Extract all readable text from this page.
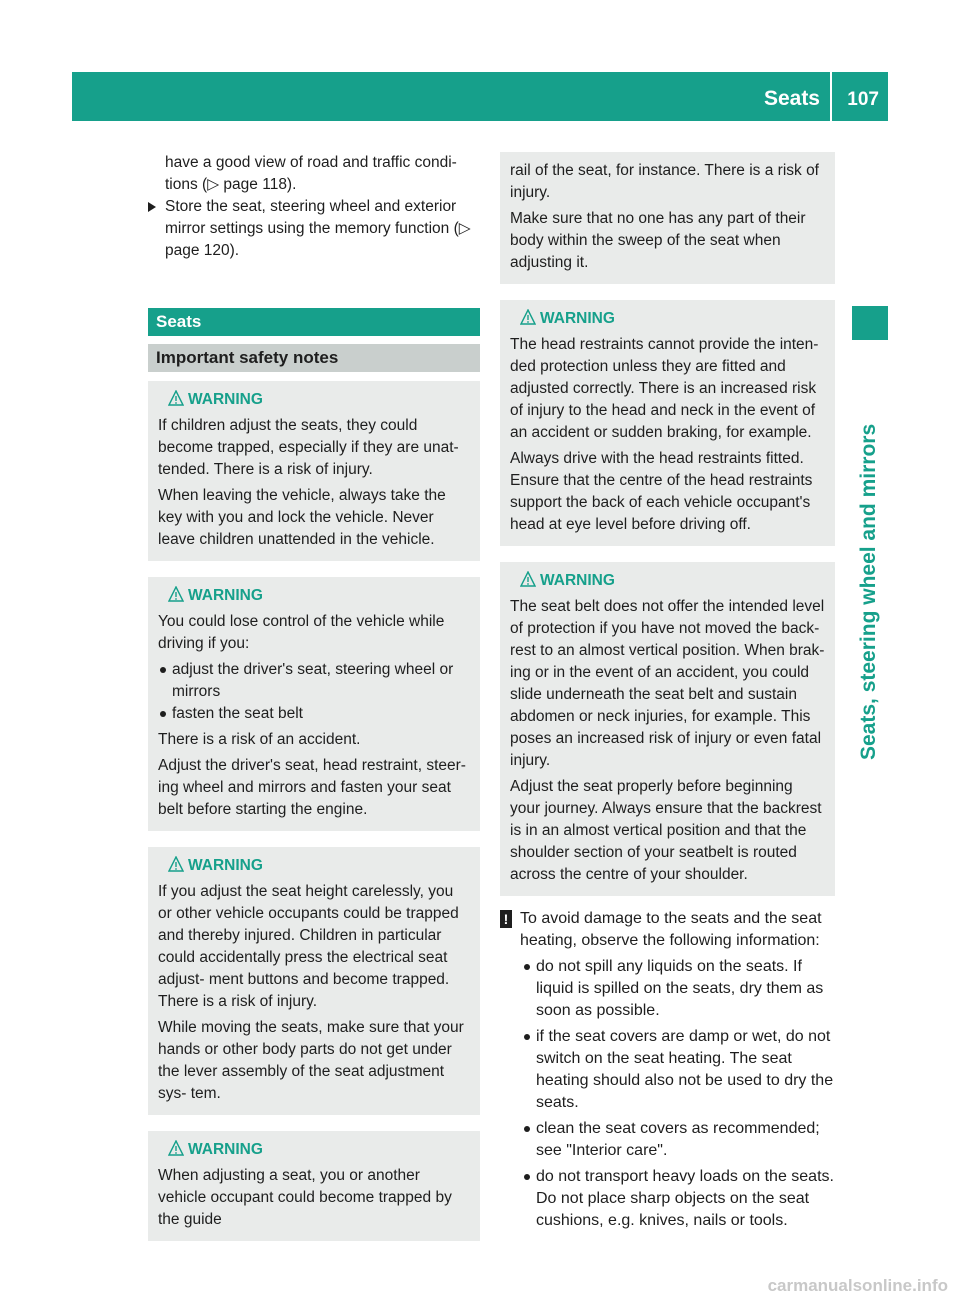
Seats 107
Seats, steering wheel and mirrors

have a good view of road and traffic condi- tions (▷ page 118).

Store the seat, steering wheel and exterior mirror settings using the memory function (▷ page 120).
Seats
Important safety notes
WARNING

If children adjust the seats, they could become trapped, especially if they are unat- tended. There is a risk of injury.

When leaving the vehicle, always take the key with you and lock the vehicle. Never leave children unattended in the vehicle.

WARNING

You could lose control of the vehicle while driving if you:

adjust the driver's seat, steering wheel or mirrors
fasten the seat belt

There is a risk of an accident.

Adjust the driver's seat, head restraint, steer- ing wheel and mirrors and fasten your seat belt before starting the engine.

WARNING

If you adjust the seat height carelessly, you or other vehicle occupants could be trapped and thereby injured. Children in particular could accidentally press the electrical seat adjust- ment buttons and become trapped. There is a risk of injury.

While moving the seats, make sure that your hands or other body parts do not get under the lever assembly of the seat adjustment sys- tem.

WARNING

When adjusting a seat, you or another vehicle occupant could become trapped by the guide

rail of the seat, for instance. There is a risk of injury.

Make sure that no one has any part of their body within the sweep of the seat when adjusting it.

WARNING

The head restraints cannot provide the inten- ded protection unless they are fitted and adjusted correctly. There is an increased risk of injury to the head and neck in the event of an accident or sudden braking, for example.

Always drive with the head restraints fitted. Ensure that the centre of the head restraints support the back of each vehicle occupant's head at eye level before driving off.

WARNING

The seat belt does not offer the intended level of protection if you have not moved the back- rest to an almost vertical position. When brak- ing or in the event of an accident, you could slide underneath the seat belt and sustain abdomen or neck injuries, for example. This poses an increased risk of injury or even fatal injury.

Adjust the seat properly before beginning your journey. Always ensure that the backrest is in an almost vertical position and that the shoulder section of your seatbelt is routed across the centre of your shoulder.

! To avoid damage to the seats and the seat heating, observe the following information:

do not spill any liquids on the seats. If liquid is spilled on the seats, dry them as soon as possible.
if the seat covers are damp or wet, do not switch on the seat heating. The seat heating should also not be used to dry the seats.
clean the seat covers as recommended; see "Interior care".
do not transport heavy loads on the seats. Do not place sharp objects on the seat cushions, e.g. knives, nails or tools.
carmanualsonline.info
